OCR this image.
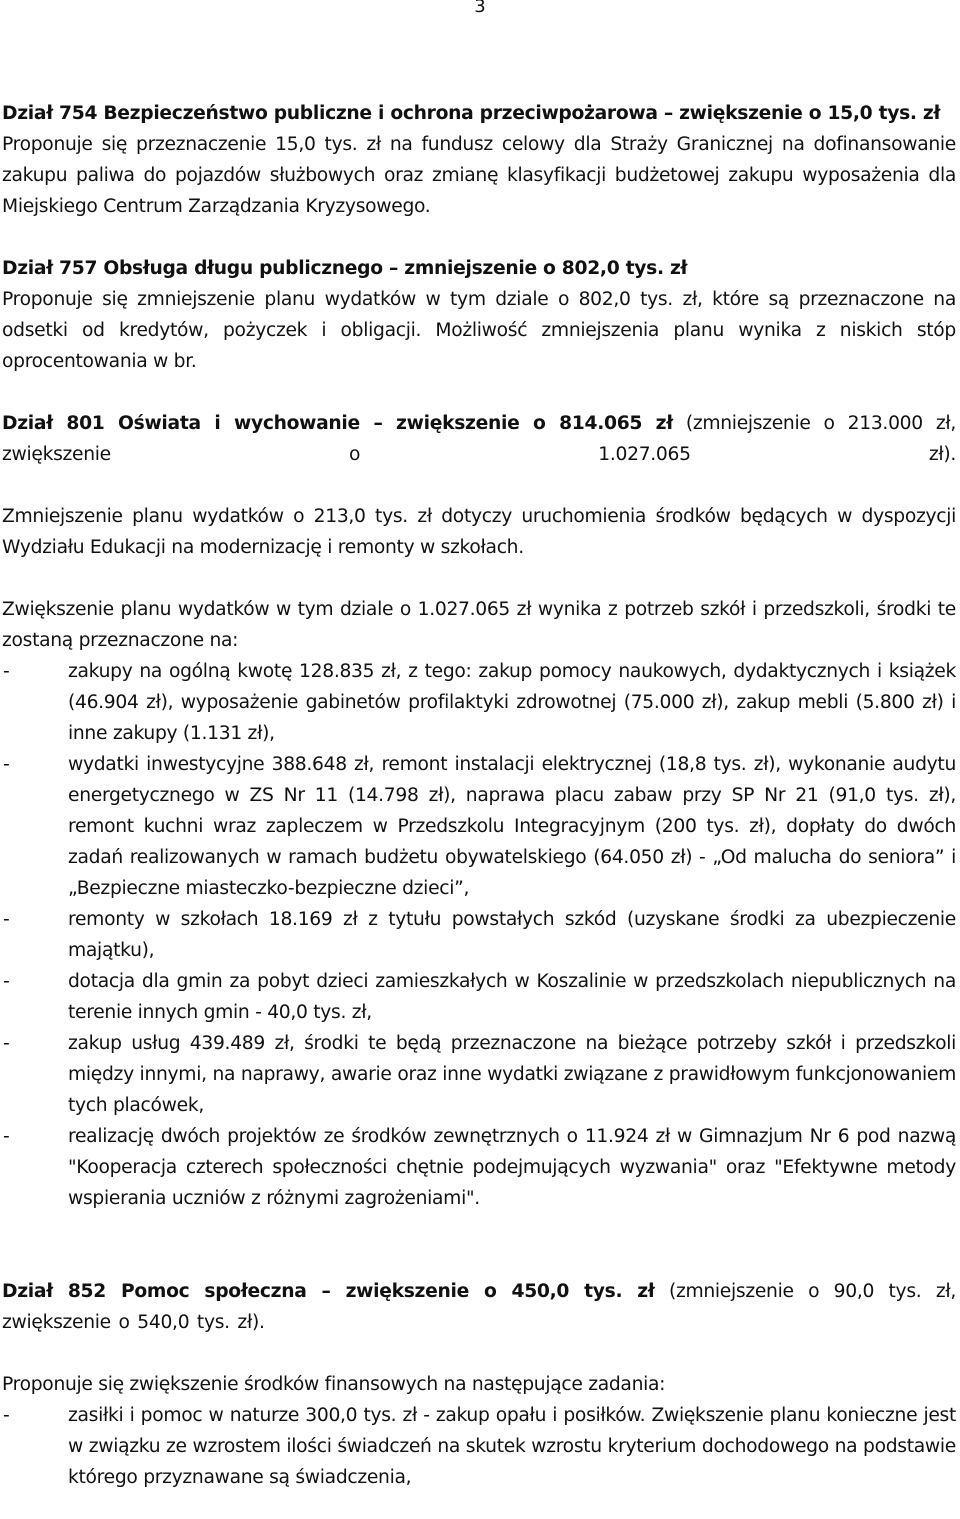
3
Dział 754 Bezpieczeństwo publiczne i ochrona przeciwpożarowa – zwiększenie o 15,0 tys. zł
Proponuje się przeznaczenie 15,0 tys. zł na fundusz celowy dla Straży Granicznej na dofinansowanie zakupu paliwa do pojazdów służbowych oraz zmianę klasyfikacji budżetowej zakupu wyposażenia dla Miejskiego Centrum Zarządzania Kryzysowego.
Dział 757 Obsługa długu publicznego – zmniejszenie o 802,0 tys. zł
Proponuje się zmniejszenie planu wydatków w tym dziale o 802,0 tys. zł, które są przeznaczone na odsetki od kredytów, pożyczek i obligacji. Możliwość zmniejszenia planu wynika z niskich stóp oprocentowania w br.
Dział 801 Oświata i wychowanie – zwiększenie o 814.065 zł (zmniejszenie o 213.000 zł, zwiększenie o 1.027.065 zł).
Zmniejszenie planu wydatków o 213,0 tys. zł dotyczy uruchomienia środków będących w dyspozycji Wydziału Edukacji na modernizację i remonty w szkołach.
Zwiększenie planu wydatków w tym dziale o 1.027.065 zł wynika z potrzeb szkół i przedszkoli, środki te zostaną przeznaczone na:
-	zakupy na ogólną kwotę 128.835 zł, z tego: zakup pomocy naukowych, dydaktycznych i książek (46.904 zł), wyposażenie gabinetów profilaktyki zdrowotnej (75.000 zł), zakup mebli (5.800 zł) i inne zakupy (1.131 zł),
-	wydatki inwestycyjne 388.648 zł, remont instalacji elektrycznej (18,8 tys. zł), wykonanie audytu energetycznego w ZS Nr 11 (14.798 zł), naprawa placu zabaw przy SP Nr 21 (91,0 tys. zł), remont kuchni wraz zapleczem w Przedszkolu Integracyjnym (200 tys. zł), dopłaty do dwóch zadań realizowanych w ramach budżetu obywatelskiego (64.050 zł) - „Od malucha do seniora” i „Bezpieczne miasteczko-bezpieczne dzieci”,
-	remonty w szkołach 18.169 zł z tytułu powstałych szkód (uzyskane środki za ubezpieczenie majątku),
-	dotacja dla gmin za pobyt dzieci zamieszkałych w Koszalinie w przedszkolach niepublicznych na terenie innych gmin - 40,0 tys. zł,
-	zakup usług 439.489 zł, środki te będą przeznaczone na bieżące potrzeby szkół i przedszkoli między innymi, na naprawy, awarie oraz inne wydatki związane z prawidłowym funkcjonowaniem tych placówek,
-	realizację dwóch projektów ze środków zewnętrznych o 11.924 zł w Gimnazjum Nr 6 pod nazwą "Kooperacja czterech społeczności chętnie podejmujących wyzwania" oraz "Efektywne metody wspierania uczniów z różnymi zagrożeniami".
Dział 852 Pomoc społeczna – zwiększenie o 450,0 tys. zł (zmniejszenie o 90,0 tys. zł, zwiększenie o 540,0 tys. zł).
Proponuje się zwiększenie środków finansowych na następujące zadania:
-	zasiłki i pomoc w naturze 300,0 tys. zł - zakup opału i posiłków. Zwiększenie planu konieczne jest w związku ze wzrostem ilości świadczeń na skutek wzrostu kryterium dochodowego na podstawie którego przyznawane są świadczenia,
